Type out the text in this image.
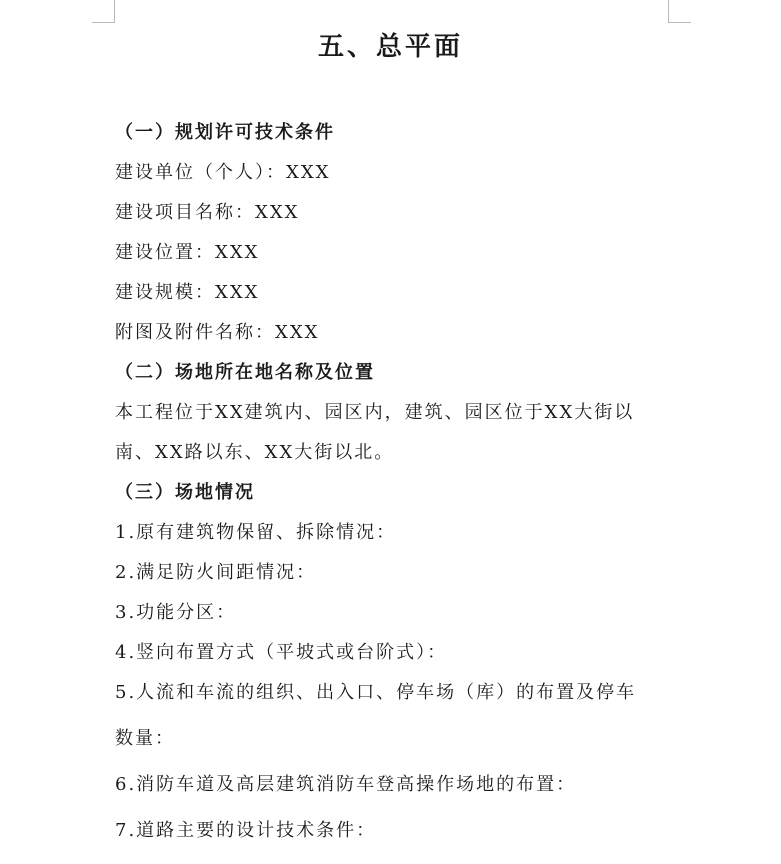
五、总平面

（一）规划许可技术条件

建设单位（个人）：XXX

建设项目名称：XXX

建设位置：XXX

建设规模：XXX

附图及附件名称：XXX

（二）场地所在地名称及位置

本工程位于XX建筑内、园区内，建筑、园区位于XX大街以

南、XX路以东、XX大街以北。

（三）场地情况

1.原有建筑物保留、拆除情况：

2.满足防火间距情况：

3.功能分区：

4.竖向布置方式（平坡式或台阶式）：

5.人流和车流的组织、出入口、停车场（库）的布置及停车

数量：

6.消防车道及高层建筑消防车登高操作场地的布置：

7.道路主要的设计技术条件：
